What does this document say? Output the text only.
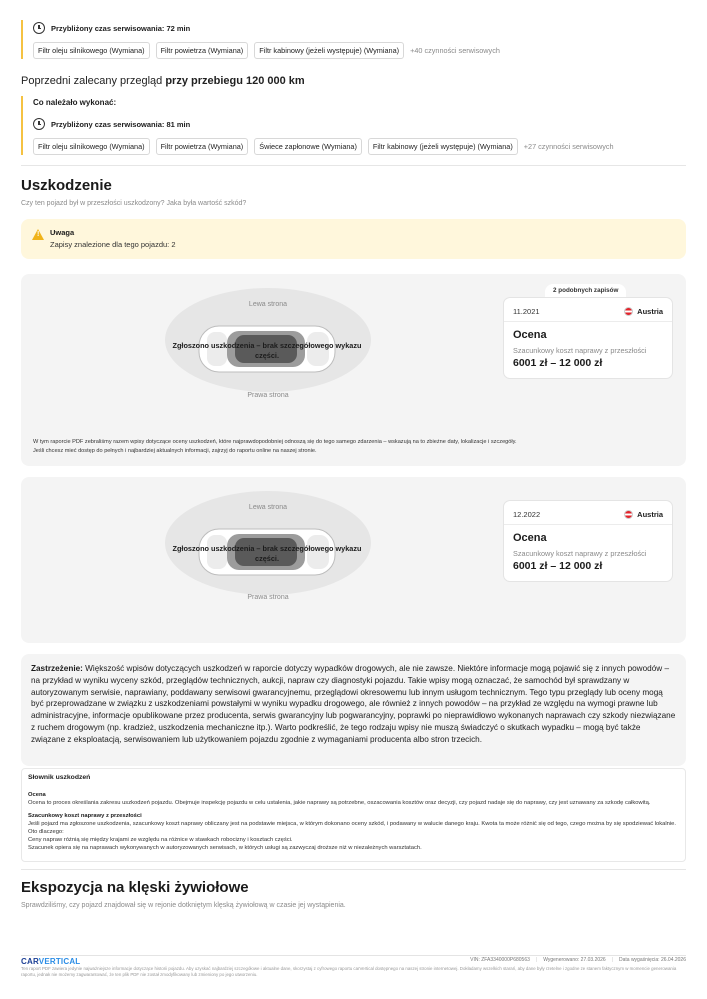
Przybliżony czas serwisowania: 72 min
Filtr oleju silnikowego (Wymiana)	Filtr powietrza (Wymiana)	Filtr kabinowy (jeżeli występuje) (Wymiana)	+40 czynności serwisowych
Poprzedni zalecany przegląd przy przebiegu 120 000 km
Co należało wykonać:
Przybliżony czas serwisowania: 81 min
Filtr oleju silnikowego (Wymiana)	Filtr powietrza (Wymiana)	Świece zapłonowe (Wymiana)	Filtr kabinowy (jeżeli występuje) (Wymiana)	+27 czynności serwisowych
Uszkodzenie
Czy ten pojazd był w przeszłości uszkodzony? Jaka była wartość szkód?
! Uwaga
Zapisy znalezione dla tego pojazdu: 2
Lewa strona
Zgłoszono uszkodzenia – brak szczegółowego wykazu części.
Prawa strona
2 podobnych zapisów
11.2021	Austria
Ocena
Szacunkowy koszt naprawy z przeszłości
6001 zł – 12 000 zł
W tym raporcie PDF zebraliśmy razem wpisy dotyczące oceny uszkodzeń, które najprawdopodobniej odnoszą się do tego samego zdarzenia – wskazują na to zbieżne daty, lokalizacje i szczegóły.
Jeśli chcesz mieć dostęp do pełnych i najbardziej aktualnych informacji, zajrzyj do raportu online na naszej stronie.
Lewa strona
Zgłoszono uszkodzenia – brak szczegółowego wykazu części.
Prawa strona
12.2022	Austria
Ocena
Szacunkowy koszt naprawy z przeszłości
6001 zł – 12 000 zł
Zastrzeżenie: Większość wpisów dotyczących uszkodzeń w raporcie dotyczy wypadków drogowych, ale nie zawsze. Niektóre informacje mogą pojawić się z innych powodów – na przykład w wyniku wyceny szkód, przeglądów technicznych, aukcji, napraw czy diagnostyki pojazdu. Takie wpisy mogą oznaczać, że samochód był sprawdzany w autoryzowanym serwisie, naprawiany, poddawany serwisowi gwarancyjnemu, przeglądowi okresowemu lub innym usługom technicznym. Tego typu przeglądy lub oceny mogą być przeprowadzane w związku z uszkodzeniami powstałymi w wyniku wypadku drogowego, ale również z innych powodów – na przykład ze względu na wymogi prawne lub administracyjne, informacje opublikowane przez producenta, serwis gwarancyjny lub pogwarancyjny, poprawki po nieprawidłowo wykonanych naprawach czy szkody niezwiązane z ruchem drogowym (np. kradzież, uszkodzenia mechaniczne itp.). Warto podkreślić, że tego rodzaju wpisy nie muszą świadczyć o skutkach wypadku – mogą być także związane z eksploatacją, serwisowaniem lub użytkowaniem pojazdu zgodnie z wymaganiami producenta albo stron trzecich.
Słownik uszkodzeń
Ocena
Ocena to proces określania zakresu uszkodzeń pojazdu. Obejmuje inspekcję pojazdu w celu ustalenia, jakie naprawy są potrzebne, oszacowania kosztów oraz decyzji, czy pojazd nadaje się do naprawy, czy jest uznawany za szkodę całkowitą.
Szacunkowy koszt naprawy z przeszłości
Jeśli pojazd ma zgłoszone uszkodzenia, szacunkowy koszt naprawy obliczany jest na podstawie miejsca, w którym dokonano oceny szkód, i podawany w walucie danego kraju. Kwota ta może różnić się od tego, czego można by się spodziewać lokalnie. Oto dlaczego:
Ceny napraw różnią się między krajami ze względu na różnice w stawkach robocizny i kosztach części.
Szacunek opiera się na naprawach wykonywanych w autoryzowanych serwisach, w których usługi są zazwyczaj droższe niż w niezależnych warsztatach.
Ekspozycja na klęski żywiołowe
Sprawdziliśmy, czy pojazd znajdował się w rejonie dotkniętym klęską żywiołową w czasie jej wystąpienia.
CARVERTICAL	VIN: ZFA3340000P680563 | Wygenerowano: 27.03.2026 | Data wygaśnięcia: 26.04.2026
Ten raport PDF zawiera jedynie najważniejsze informacje dotyczące historii pojazdu. Aby uzyskać najbardziej szczegółowe i aktualne dane, skorzystaj z cyfrowego raportu carVertical dostępnego na naszej stronie internetowej. Dokładamy wszelkich starań, aby dane były rzetelne i zgodne ze stanem faktycznym w momencie generowania raportu, jednak nie możemy zagwarantować, że ten plik PDF nie został zmodyfikowany lub zmieniony po jego utworzeniu.
